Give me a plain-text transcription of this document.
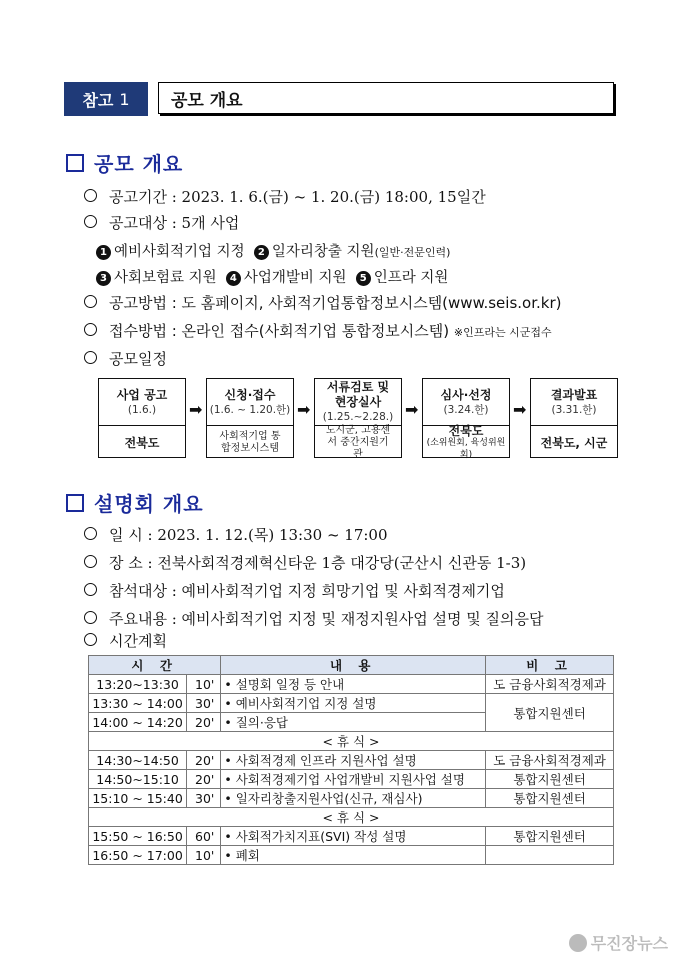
참고 1	공모 개요
공모 개요
공고기간 : 2023. 1. 6.(금) ~ 1. 20.(금) 18:00, 15일간
공고대상 : 5개 사업
1 예비사회적기업 지정 2 일자리창출 지원(일반·전문인력)
3 사회보험료 지원 4 사업개발비 지원 5 인프라 지원
공고방법 : 도 홈페이지, 사회적기업통합정보시스템(www.seis.or.kr)
접수방법 : 온라인 접수(사회적기업 통합정보시스템) ※인프라는 시군접수
공모일정
사업 공고
(1.6.)
전북도
➡
신청·접수
(1.6. ~ 1.20.한)
사회적기업 통합정보시스템
➡
서류검토 및 현장실사
(1.25.~2.28.)
도시군, 고용센서 중간지원기관
➡
심사·선정
(3.24.한)
전북도
(소위원회, 육성위원회)
➡
결과발표
(3.31.한)
전북도, 시군
설명회 개요
일 시 : 2023. 1. 12.(목) 13:30 ~ 17:00
장 소 : 전북사회적경제혁신타운 1층 대강당(군산시 신관동 1-3)
참석대상 : 예비사회적기업 지정 희망기업 및 사회적경제기업
주요내용 : 예비사회적기업 지정 및 재정지원사업 설명 및 질의응답
시간계획
시 간		내 용	비 고
13:20~13:30	10'	• 설명회 일정 등 안내	도 금융사회적경제과
13:30 ~ 14:00	30'	• 예비사회적기업 지정 설명	통합지원센터
14:00 ~ 14:20	20'	• 질의·응답	
< 휴 식 >			
14:30~14:50	20'	• 사회적경제 인프라 지원사업 설명	도 금융사회적경제과
14:50~15:10	20'	• 사회적경제기업 사업개발비 지원사업 설명	통합지원센터
15:10 ~ 15:40	30'	• 일자리창출지원사업(신규, 재심사)	통합지원센터
< 휴 식 >			
15:50 ~ 16:50	60'	• 사회적가치지표(SVI) 작성 설명	통합지원센터
16:50 ~ 17:00	10'	• 폐회	
무진장뉴스
